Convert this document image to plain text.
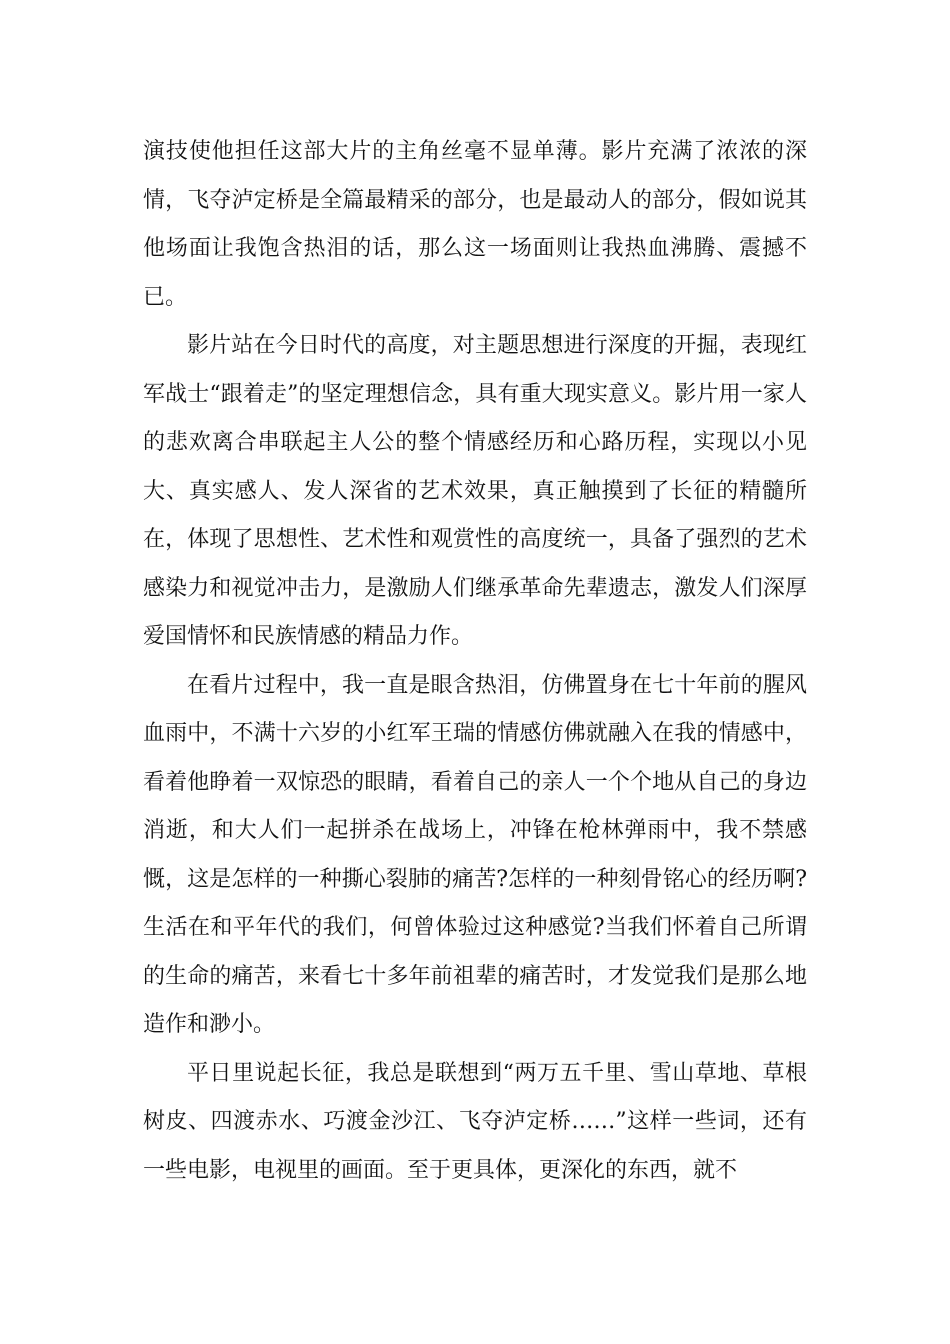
演技使他担任这部大片的主角丝毫不显单薄。影片充满了浓浓的深情，飞夺泸定桥是全篇最精采的部分，也是最动人的部分，假如说其他场面让我饱含热泪的话，那么这一场面则让我热血沸腾、震撼不已。

影片站在今日时代的高度，对主题思想进行深度的开掘，表现红军战士“跟着走”的坚定理想信念，具有重大现实意义。影片用一家人的悲欢离合串联起主人公的整个情感经历和心路历程，实现以小见大、真实感人、发人深省的艺术效果，真正触摸到了长征的精髓所在，体现了思想性、艺术性和观赏性的高度统一，具备了强烈的艺术感染力和视觉冲击力，是激励人们继承革命先辈遗志，激发人们深厚爱国情怀和民族情感的精品力作。

在看片过程中，我一直是眼含热泪，仿佛置身在七十年前的腥风血雨中，不满十六岁的小红军王瑞的情感仿佛就融入在我的情感中，看着他睁着一双惊恐的眼睛，看着自己的亲人一个个地从自己的身边消逝，和大人们一起拼杀在战场上，冲锋在枪林弹雨中，我不禁感慨，这是怎样的一种撕心裂肺的痛苦?怎样的一种刻骨铭心的经历啊?生活在和平年代的我们，何曾体验过这种感觉?当我们怀着自己所谓的生命的痛苦，来看七十多年前祖辈的痛苦时，才发觉我们是那么地造作和渺小。

平日里说起长征，我总是联想到“两万五千里、雪山草地、草根树皮、四渡赤水、巧渡金沙江、飞夺泸定桥……”这样一些词，还有一些电影，电视里的画面。至于更具体，更深化的东西，就不
